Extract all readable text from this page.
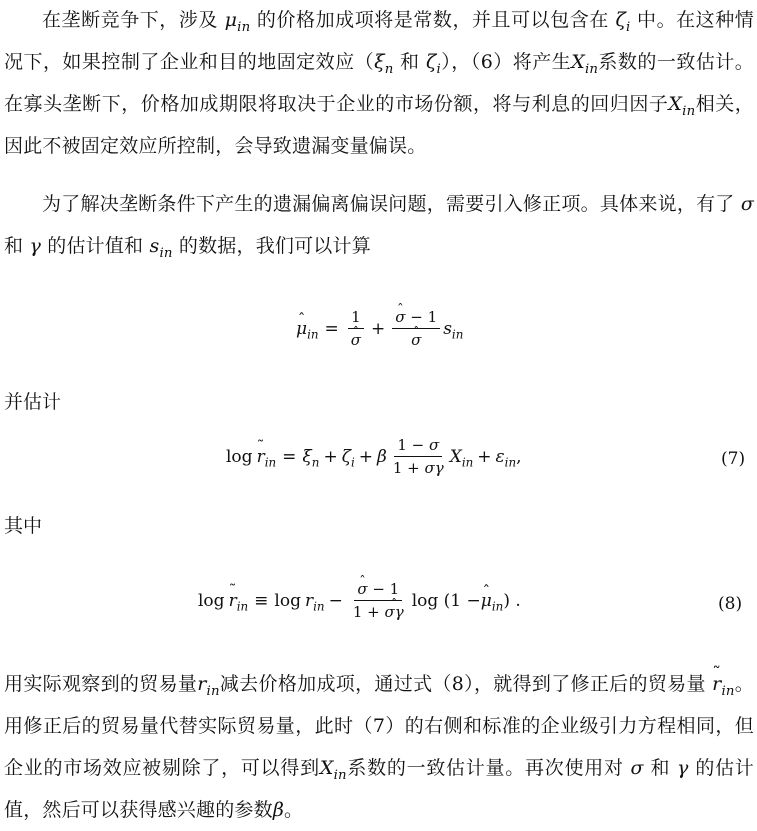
在垄断竞争下，涉及 $\mu_{in}$ 的价格加成项将是常数，并且可以包含在 $\zeta_i$ 中。在这种情况下，如果控制了企业和目的地固定效应（$\xi_n$ 和 $\zeta_i$），（6）将产生$X_{in}$系数的一致估计。在寡头垄断下，价格加成期限将取决于企业的市场份额，将与利息的回归因子$X_{in}$相关，因此不被固定效应所控制，会导致遗漏变量偏误。
为了解决垄断条件下产生的遗漏偏离偏误问题，需要引入修正项。具体来说，有了 σ 和 γ 的估计值和 $s_{in}$ 的数据，我们可以计算
ˆ $\mu_{in} = 1$
ˆ σ + ˆ σ − 1
ˆ σ $s_{in}$
并估计
log ˜ $r_{in} = \xi_n + \zeta_i + \beta \frac{1 - \sigma}{1 + \sigma\gamma} X_{in} + \varepsilon_{in}$ ,	(7)
其中
log ˜ $r_{in} \equiv \log r_{in}$ − ˆ $\frac{\sigma - 1}{\text{1 + ˆ σγ}}$ log (1 − ˆ $\mu_{in}$ ) .	(8)
用实际观察到的贸易量$r_{in}$减去价格加成项，通过式（8），就得到了修正后的贸易量 ˜ $r_{in}$。用修正后的贸易量代替实际贸易量，此时（7）的右侧和标准的企业级引力方程相同，但企业的市场效应被剔除了，可以得到$X_{in}$系数的一致估计量。再次使用对 σ 和 γ 的估计值，然后可以获得感兴趣的参数β。
